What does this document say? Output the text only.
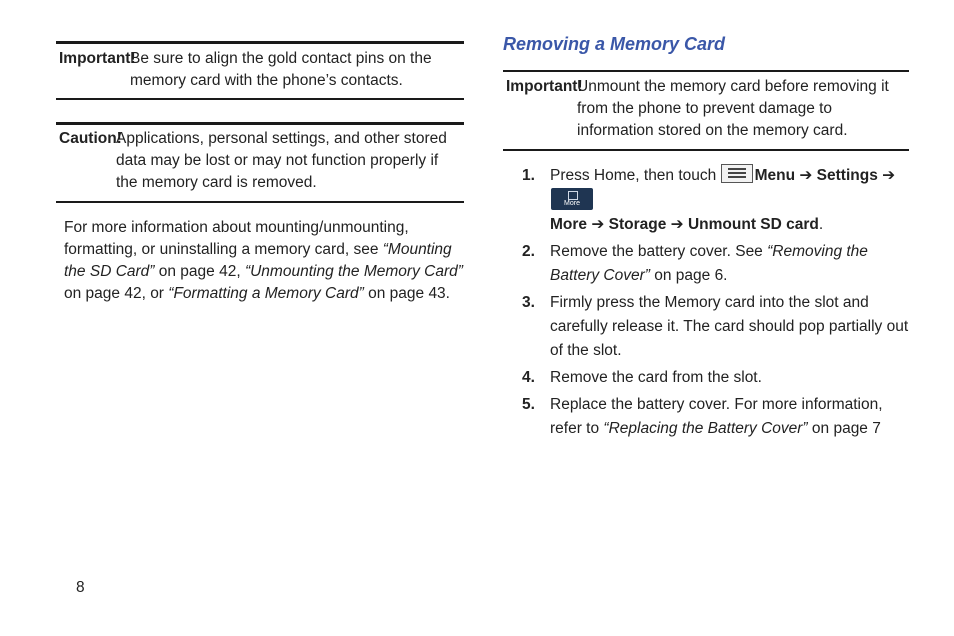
Important!
Be sure to align the gold contact pins on the memory card with the phone’s contacts.
Caution!
Applications, personal settings, and other stored data may be lost or may not function properly if the memory card is removed.

For more information about mounting/unmounting, formatting, or uninstalling a memory card, see “Mounting the SD Card” on page 42, “Unmounting the Memory Card” on page 42, or “Formatting a Memory Card” on page 43.

Removing a Memory Card
Important!
Unmount the memory card before removing it from the phone to prevent damage to information stored on the memory card.
1. Press Home, then touch
Menu ➔ Settings ➔
More

More ➔ Storage ➔ Unmount SD card.
2. Remove the battery cover. See “Removing the Battery Cover” on page 6.
3. Firmly press the Memory card into the slot and carefully release it. The card should pop partially out of the slot.
4. Remove the card from the slot.
5. Replace the battery cover. For more information, refer to “Replacing the Battery Cover” on page 7
8
